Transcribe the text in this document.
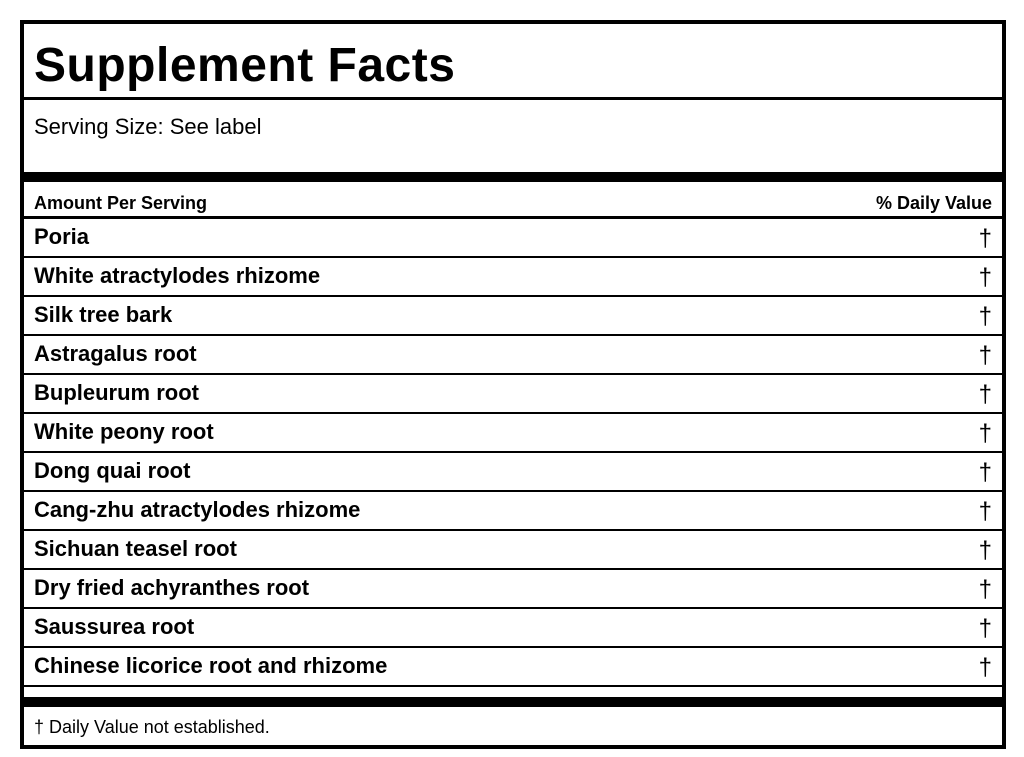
Supplement Facts
Serving Size: See label
Amount Per Serving	% Daily Value
Poria	†
White atractylodes rhizome	†
Silk tree bark	†
Astragalus root	†
Bupleurum root	†
White peony root	†
Dong quai root	†
Cang-zhu atractylodes rhizome	†
Sichuan teasel root	†
Dry fried achyranthes root	†
Saussurea root	†
Chinese licorice root and rhizome	†
† Daily Value not established.
